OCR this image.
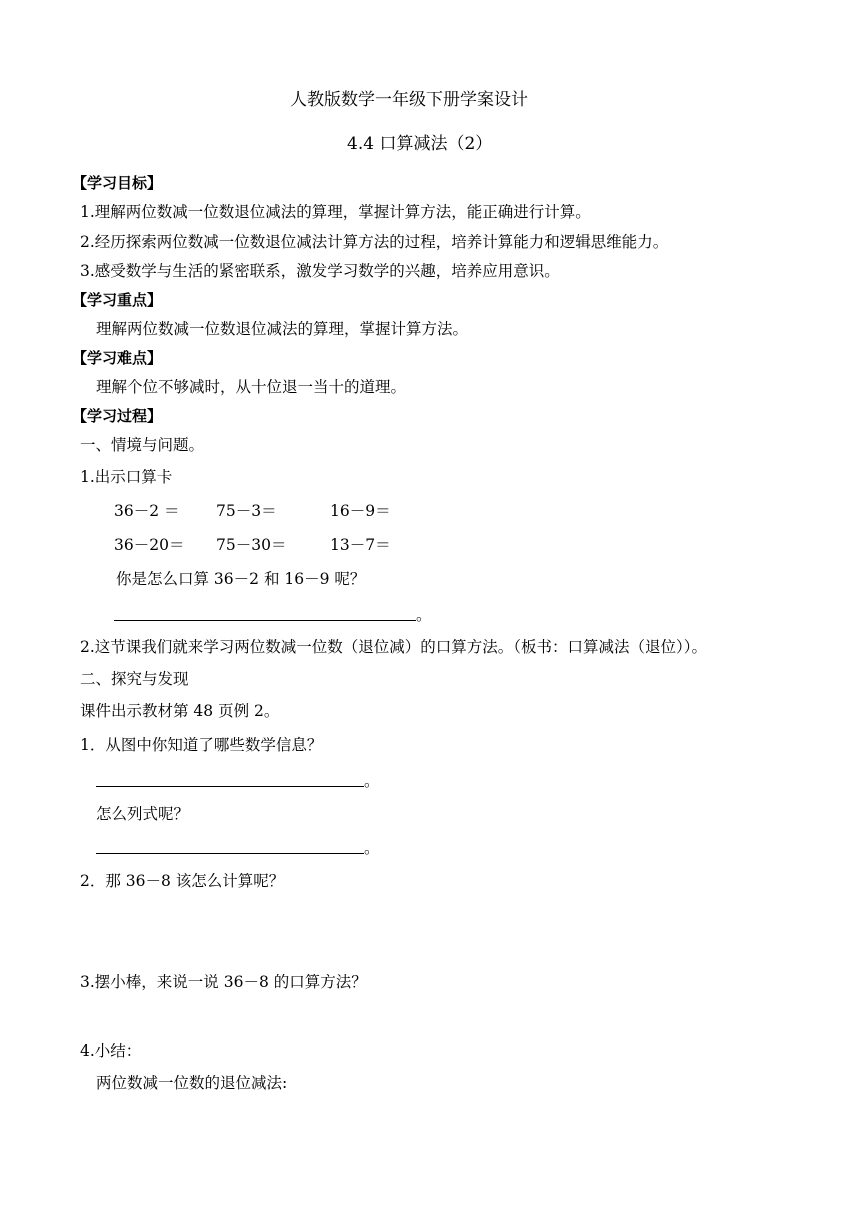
人教版数学一年级下册学案设计
4.4 口算减法（2）
【学习目标】
1.理解两位数减一位数退位减法的算理，掌握计算方法，能正确进行计算。
2.经历探索两位数减一位数退位减法计算方法的过程，培养计算能力和逻辑思维能力。
3.感受数学与生活的紧密联系，激发学习数学的兴趣，培养应用意识。
【学习重点】
理解两位数减一位数退位减法的算理，掌握计算方法。
【学习难点】
理解个位不够减时，从十位退一当十的道理。
【学习过程】
一、情境与问题。
1.出示口算卡
36－2 ＝ 75－3＝	16－9＝
36－20＝ 75－30＝	13－7＝
你是怎么口算 36－2 和 16－9 呢？
。
2.这节课我们就来学习两位数减一位数（退位减）的口算方法。（板书：口算减法（退位））。
二、探究与发现
课件出示教材第 48 页例 2。
1．从图中你知道了哪些数学信息？
。
怎么列式呢？
。
2．那 36－8 该怎么计算呢？
3.摆小棒，来说一说 36－8 的口算方法？
4.小结：
两位数减一位数的退位减法:
